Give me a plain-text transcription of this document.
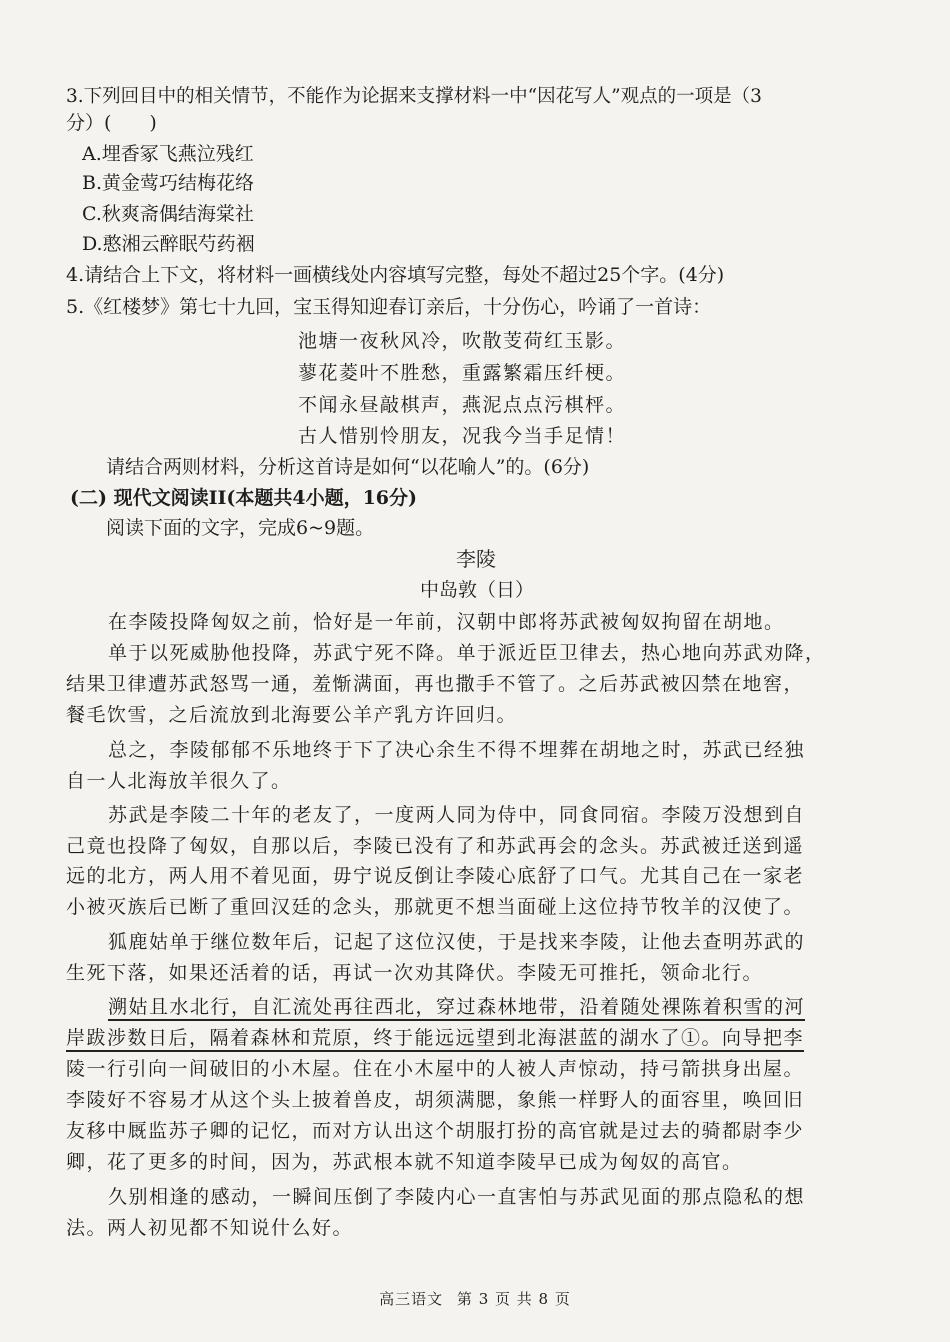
3.下列回目中的相关情节，不能作为论据来支撑材料一中“因花写人”观点的一项是（3
分）(　　)
A.埋香冢飞燕泣残红
B.黄金莺巧结梅花络
C.秋爽斋偶结海棠社
D.憨湘云醉眠芍药裀
4.请结合上下文，将材料一画横线处内容填写完整，每处不超过25个字。(4分)
5.《红楼梦》第七十九回，宝玉得知迎春订亲后，十分伤心，吟诵了一首诗：
池塘一夜秋风冷，吹散芰荷红玉影。
蓼花菱叶不胜愁，重露繁霜压纤梗。
不闻永昼敲棋声，燕泥点点污棋枰。
古人惜别怜朋友，况我今当手足情！
请结合两则材料，分析这首诗是如何“以花喻人”的。(6分)
(二) 现代文阅读II(本题共4小题，16分)
阅读下面的文字，完成6~9题。
李陵
中岛敦（日）
在李陵投降匈奴之前，恰好是一年前，汉朝中郎将苏武被匈奴拘留在胡地。
单于以死威胁他投降，苏武宁死不降。单于派近臣卫律去，热心地向苏武劝降，
结果卫律遭苏武怒骂一通，羞惭满面，再也撒手不管了。之后苏武被囚禁在地窖，
餐毛饮雪，之后流放到北海要公羊产乳方许回归。
总之，李陵郁郁不乐地终于下了决心余生不得不埋葬在胡地之时，苏武已经独
自一人北海放羊很久了。
苏武是李陵二十年的老友了，一度两人同为侍中，同食同宿。李陵万没想到自
己竟也投降了匈奴，自那以后，李陵已没有了和苏武再会的念头。苏武被迁送到遥
远的北方，两人用不着见面，毋宁说反倒让李陵心底舒了口气。尤其自己在一家老
小被灭族后已断了重回汉廷的念头，那就更不想当面碰上这位持节牧羊的汉使了。
狐鹿姑单于继位数年后，记起了这位汉使，于是找来李陵，让他去查明苏武的
生死下落，如果还活着的话，再试一次劝其降伏。李陵无可推托，领命北行。
溯姑且水北行，自汇流处再往西北，穿过森林地带，沿着随处裸陈着积雪的河
岸跋涉数日后，隔着森林和荒原，终于能远远望到北海湛蓝的湖水了①。向导把李
陵一行引向一间破旧的小木屋。住在小木屋中的人被人声惊动，持弓箭拱身出屋。
李陵好不容易才从这个头上披着兽皮，胡须满腮，象熊一样野人的面容里，唤回旧
友移中厩监苏子卿的记忆，而对方认出这个胡服打扮的高官就是过去的骑都尉李少
卿，花了更多的时间，因为，苏武根本就不知道李陵早已成为匈奴的高官。
久别相逢的感动，一瞬间压倒了李陵内心一直害怕与苏武见面的那点隐私的想
法。两人初见都不知说什么好。
高三语文 第 3 页 共 8 页
